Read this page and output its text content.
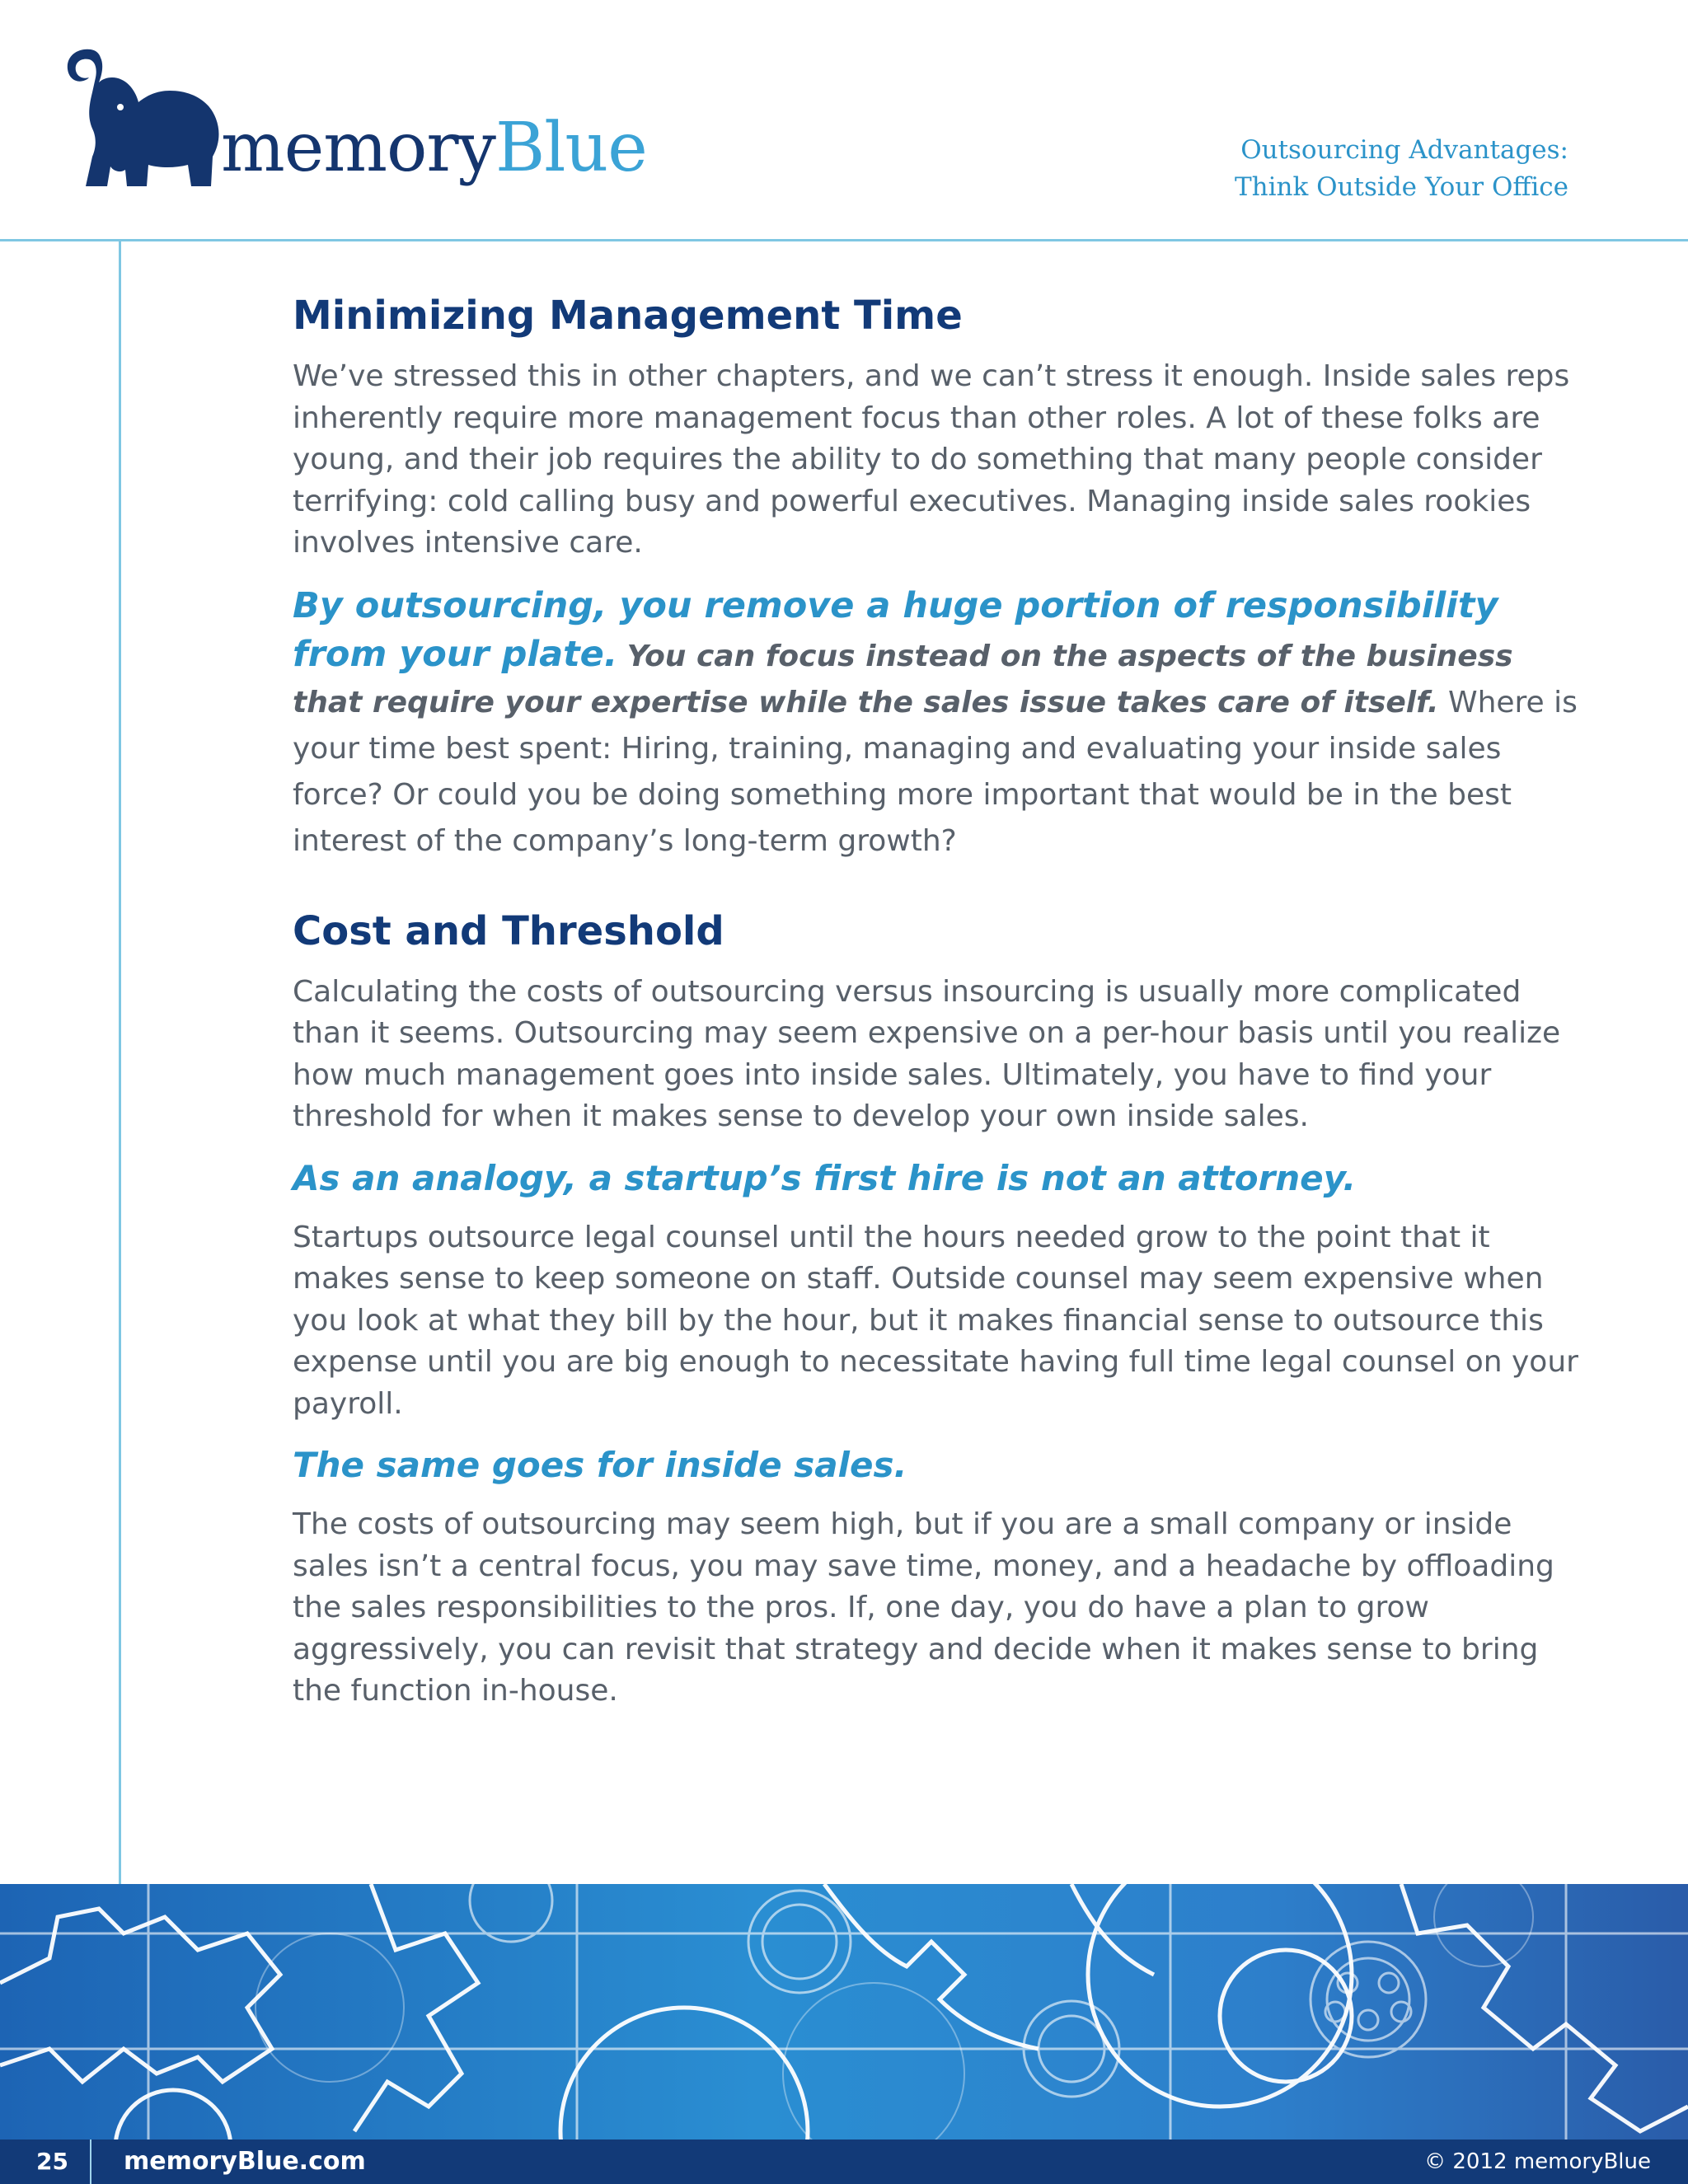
memoryBlue	Outsourcing Advantages:
Think Outside Your Office
Minimizing Management Time

We’ve stressed this in other chapters, and we can’t stress it enough. Inside sales reps inherently require more management focus than other roles. A lot of these folks are young, and their job requires the ability to do something that many people consider terrifying: cold calling busy and powerful executives. Managing inside sales rookies involves intensive care.

By outsourcing, you remove a huge portion of responsibility from your plate. You can focus instead on the aspects of the business that require your expertise while the sales issue takes care of itself. Where is your time best spent: Hiring, training, managing and evaluating your inside sales force? Or could you be doing something more important that would be in the best interest of the company’s long-term growth?

Cost and Threshold

Calculating the costs of outsourcing versus insourcing is usually more complicated than it seems. Outsourcing may seem expensive on a per-hour basis until you realize how much management goes into inside sales. Ultimately, you have to find your threshold for when it makes sense to develop your own inside sales.

As an analogy, a startup’s first hire is not an attorney.

Startups outsource legal counsel until the hours needed grow to the point that it makes sense to keep someone on staff. Outside counsel may seem expensive when you look at what they bill by the hour, but it makes financial sense to outsource this expense until you are big enough to necessitate having full time legal counsel on your payroll.

The same goes for inside sales.

The costs of outsourcing may seem high, but if you are a small company or inside sales isn’t a central focus, you may save time, money, and a headache by offloading the sales responsibilities to the pros. If, one day, you do have a plan to grow aggressively, you can revisit that strategy and decide when it makes sense to bring the function in-house.

25 memoryBlue.com	© 2012 memoryBlue
